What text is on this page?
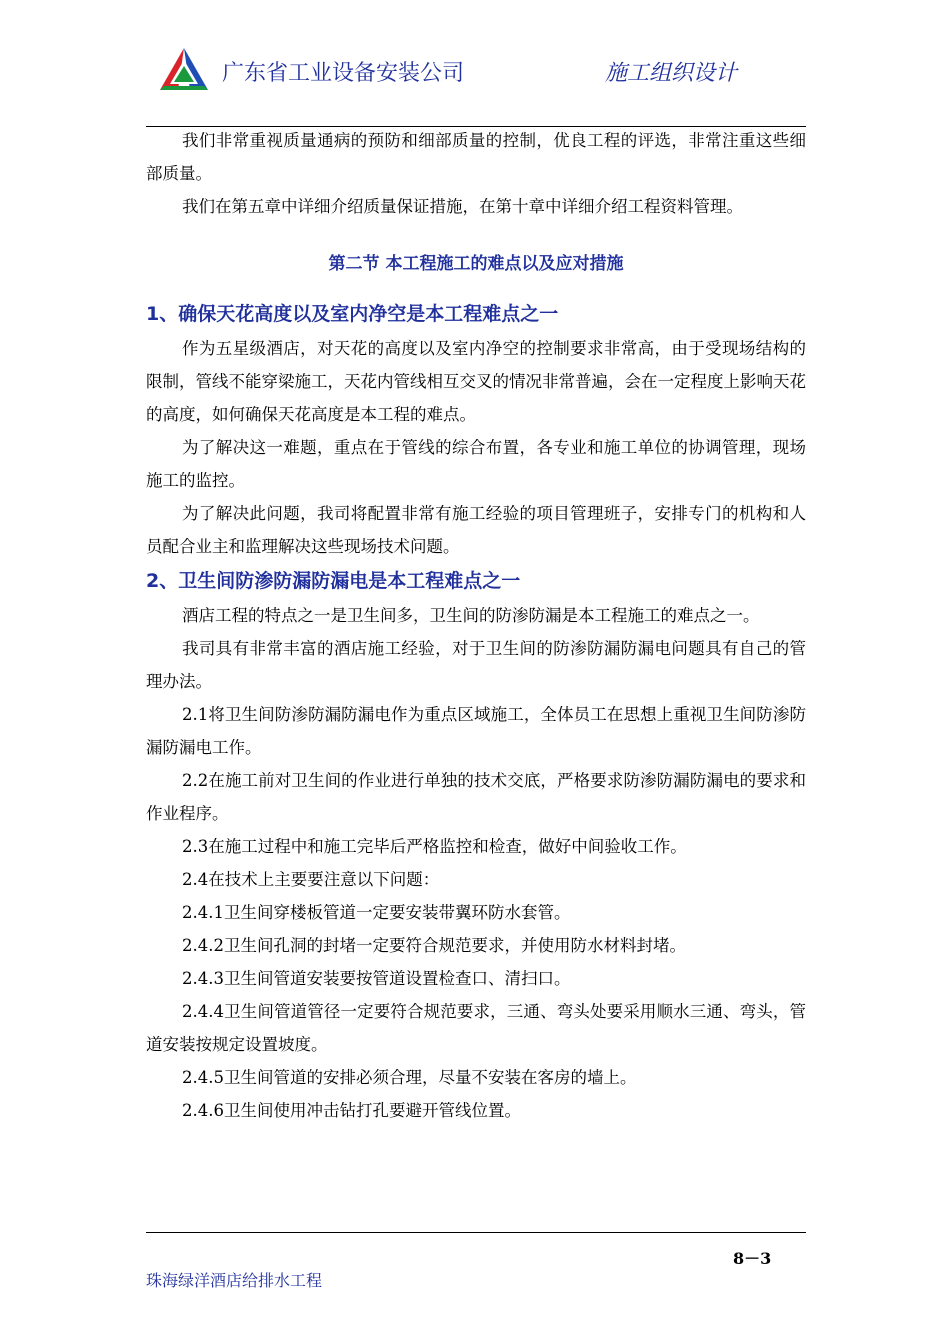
广东省工业设备安装公司	施工组织设计

我们非常重视质量通病的预防和细部质量的控制，优良工程的评选，非常注重这些细部质量。

我们在第五章中详细介绍质量保证措施，在第十章中详细介绍工程资料管理。

第二节 本工程施工的难点以及应对措施
1、确保天花高度以及室内净空是本工程难点之一

作为五星级酒店，对天花的高度以及室内净空的控制要求非常高，由于受现场结构的限制，管线不能穿梁施工，天花内管线相互交叉的情况非常普遍，会在一定程度上影响天花的高度，如何确保天花高度是本工程的难点。

为了解决这一难题，重点在于管线的综合布置，各专业和施工单位的协调管理，现场施工的监控。

为了解决此问题，我司将配置非常有施工经验的项目管理班子，安排专门的机构和人员配合业主和监理解决这些现场技术问题。

2、卫生间防渗防漏防漏电是本工程难点之一

酒店工程的特点之一是卫生间多，卫生间的防渗防漏是本工程施工的难点之一。

我司具有非常丰富的酒店施工经验，对于卫生间的防渗防漏防漏电问题具有自己的管理办法。

2.1将卫生间防渗防漏防漏电作为重点区域施工，全体员工在思想上重视卫生间防渗防漏防漏电工作。

2.2在施工前对卫生间的作业进行单独的技术交底，严格要求防渗防漏防漏电的要求和作业程序。

2.3在施工过程中和施工完毕后严格监控和检查，做好中间验收工作。

2.4在技术上主要要注意以下问题：

2.4.1卫生间穿楼板管道一定要安装带翼环防水套管。

2.4.2卫生间孔洞的封堵一定要符合规范要求，并使用防水材料封堵。

2.4.3卫生间管道安装要按管道设置检查口、清扫口。

2.4.4卫生间管道管径一定要符合规范要求，三通、弯头处要采用顺水三通、弯头，管道安装按规定设置坡度。

2.4.5卫生间管道的安排必须合理，尽量不安装在客房的墙上。

2.4.6卫生间使用冲击钻打孔要避开管线位置。

8－3
珠海绿洋酒店给排水工程
